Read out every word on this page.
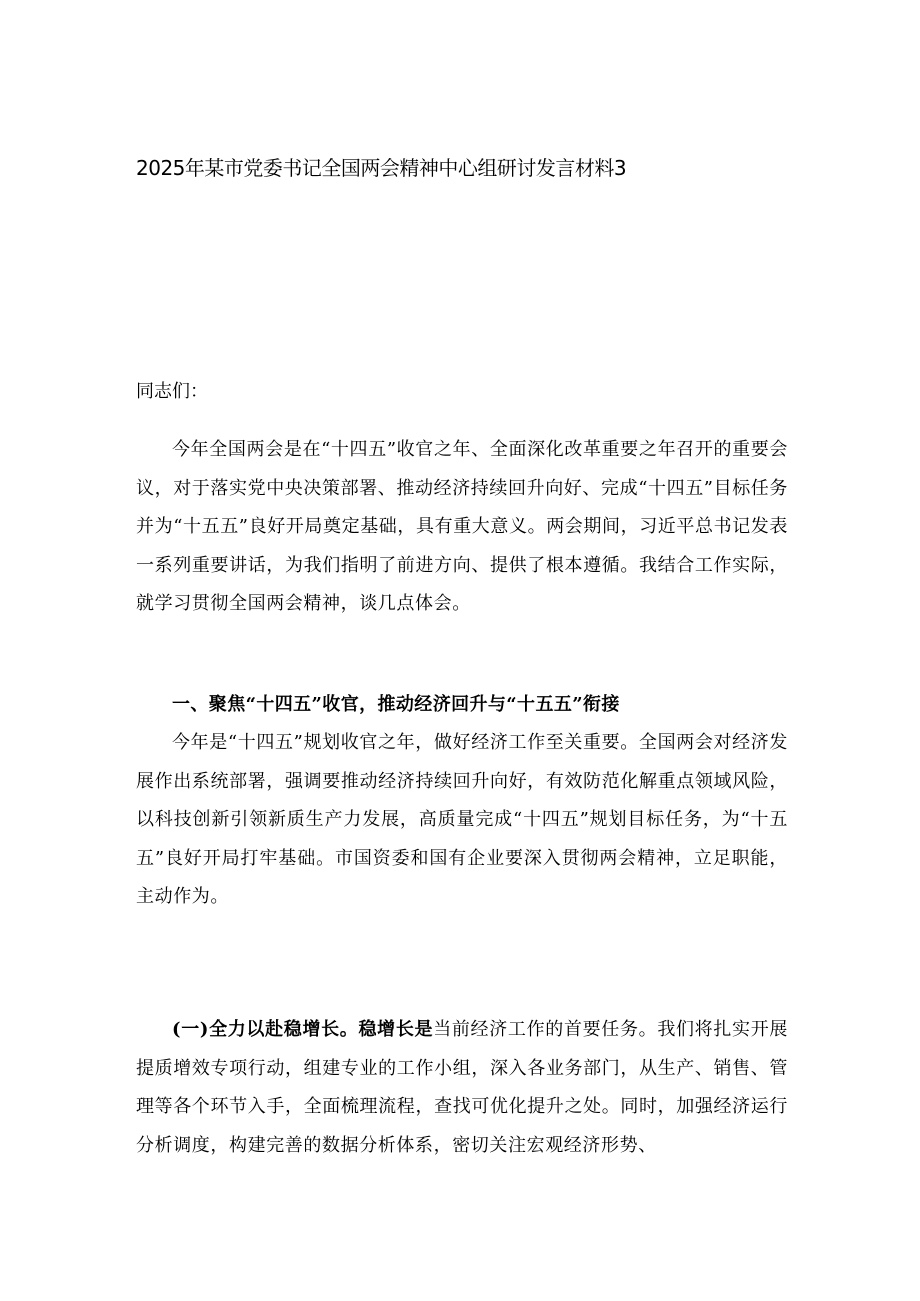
2025年某市党委书记全国两会精神中心组研讨发言材料3

同志们：

今年全国两会是在“十四五”收官之年、全面深化改革重要之年召开的重要会议，对于落实党中央决策部署、推动经济持续回升向好、完成“十四五”目标任务并为“十五五”良好开局奠定基础，具有重大意义。两会期间，习近平总书记发表一系列重要讲话，为我们指明了前进方向、提供了根本遵循。我结合工作实际，就学习贯彻全国两会精神，谈几点体会。

一、聚焦“十四五”收官，推动经济回升与“十五五”衔接

今年是“十四五”规划收官之年，做好经济工作至关重要。全国两会对经济发展作出系统部署，强调要推动经济持续回升向好，有效防范化解重点领域风险，以科技创新引领新质生产力发展，高质量完成“十四五”规划目标任务，为“十五五”良好开局打牢基础。市国资委和国有企业要深入贯彻两会精神，立足职能，主动作为。

(一)全力以赴稳增长。稳增长是当前经济工作的首要任务。我们将扎实开展提质增效专项行动，组建专业的工作小组，深入各业务部门，从生产、销售、管理等各个环节入手，全面梳理流程，查找可优化提升之处。同时，加强经济运行分析调度，构建完善的数据分析体系，密切关注宏观经济形势、
